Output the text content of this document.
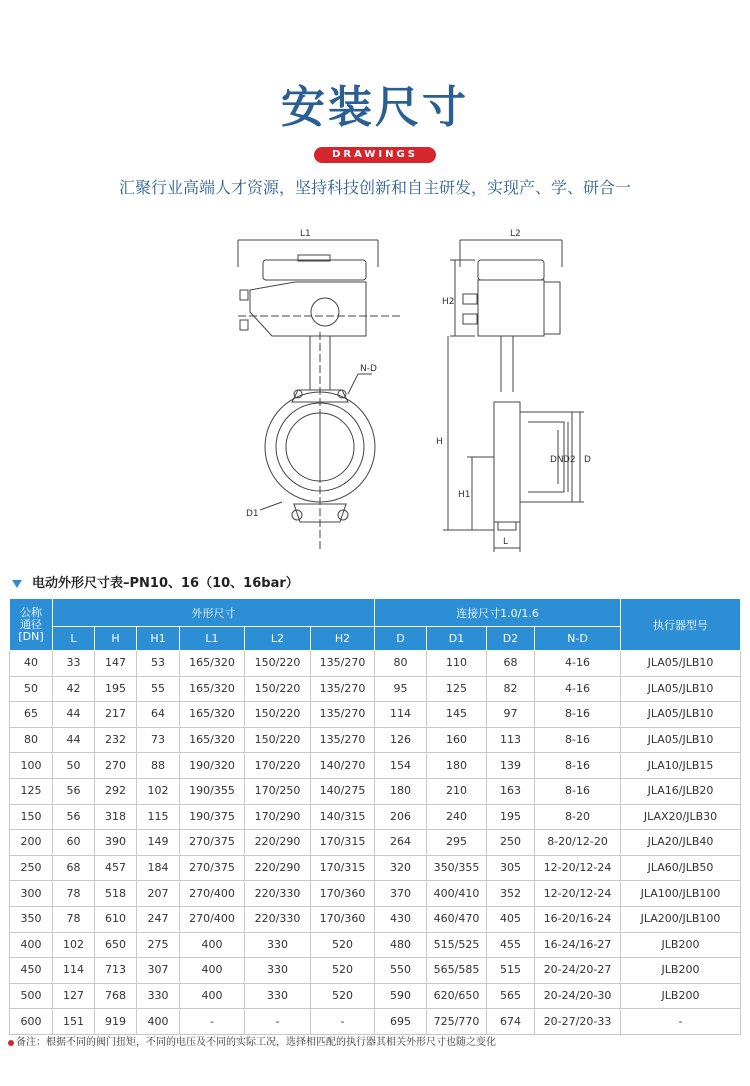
安装尺寸
DRAWINGS
汇聚行业高端人才资源，坚持科技创新和自主研发，实现产、学、研合一
L1	L2
N-D
D1
H2
H
H1
L
DN D2 D
电动外形尺寸表–PN10、16（10、16bar）
公称
通径
[DN]	外形尺寸						连接尺寸1.0/1.6				执行器型号
	L	H	H1	L1	L2	H2	D	D1	D2	N-D	
40	33	147	53	165/320	150/220	135/270	80	110	68	4-16	JLA05/JLB10
50	42	195	55	165/320	150/220	135/270	95	125	82	4-16	JLA05/JLB10
65	44	217	64	165/320	150/220	135/270	114	145	97	8-16	JLA05/JLB10
80	44	232	73	165/320	150/220	135/270	126	160	113	8-16	JLA05/JLB10
100	50	270	88	190/320	170/220	140/270	154	180	139	8-16	JLA10/JLB15
125	56	292	102	190/355	170/250	140/275	180	210	163	8-16	JLA16/JLB20
150	56	318	115	190/375	170/290	140/315	206	240	195	8-20	JLAX20/JLB30
200	60	390	149	270/375	220/290	170/315	264	295	250	8-20/12-20	JLA20/JLB40
250	68	457	184	270/375	220/290	170/315	320	350/355	305	12-20/12-24	JLA60/JLB50
300	78	518	207	270/400	220/330	170/360	370	400/410	352	12-20/12-24	JLA100/JLB100
350	78	610	247	270/400	220/330	170/360	430	460/470	405	16-20/16-24	JLA200/JLB100
400	102	650	275	400	330	520	480	515/525	455	16-24/16-27	JLB200
450	114	713	307	400	330	520	550	565/585	515	20-24/20-27	JLB200
500	127	768	330	400	330	520	590	620/650	565	20-24/20-30	JLB200
600	151	919	400	-	-	-	695	725/770	674	20-27/20-33	-
备注：根据不同的阀门扭矩，不同的电压及不同的实际工况，选择相匹配的执行器其相关外形尺寸也随之变化
